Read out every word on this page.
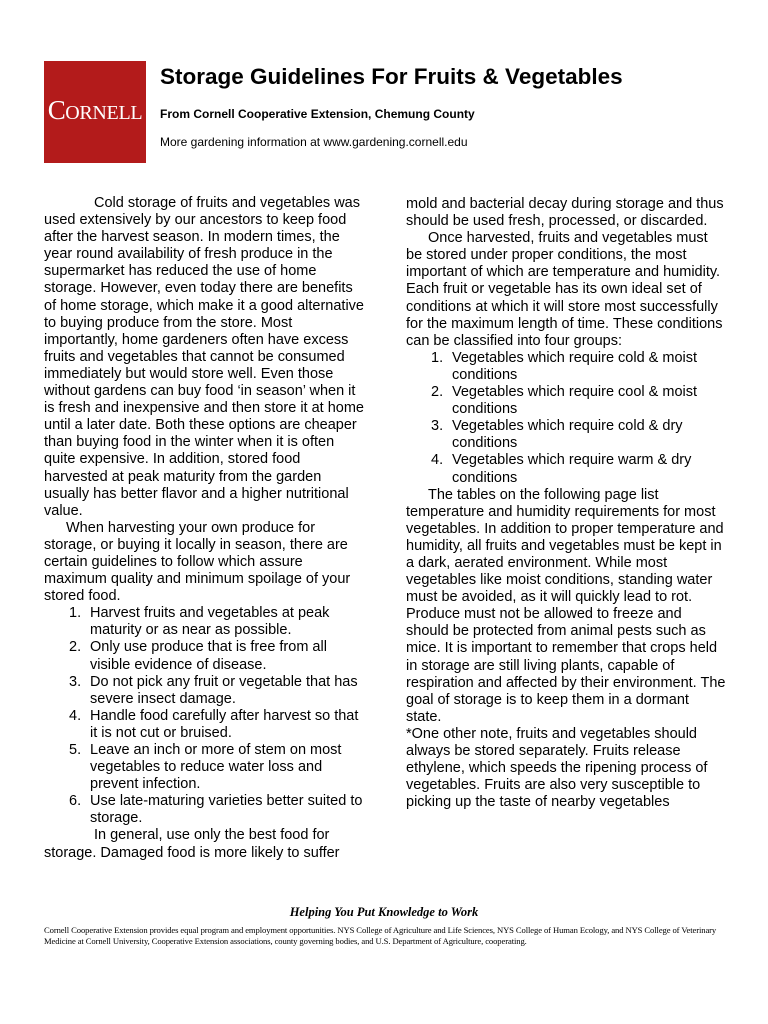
CORNELL
Storage Guidelines For Fruits & Vegetables
From Cornell Cooperative Extension, Chemung County
More gardening information at www.gardening.cornell.edu

Cold storage of fruits and vegetables was used extensively by our ancestors to keep food after the harvest season. In modern times, the year round availability of fresh produce in the supermarket has reduced the use of home storage. However, even today there are benefits of home storage, which make it a good alternative to buying produce from the store. Most importantly, home gardeners often have excess fruits and vegetables that cannot be consumed immediately but would store well. Even those without gardens can buy food ‘in season’ when it is fresh and inexpensive and then store it at home until a later date. Both these options are cheaper than buying food in the winter when it is often quite expensive. In addition, stored food harvested at peak maturity from the garden usually has better flavor and a higher nutritional value.

When harvesting your own produce for storage, or buying it locally in season, there are certain guidelines to follow which assure maximum quality and minimum spoilage of your stored food.

1. Harvest fruits and vegetables at peak maturity or as near as possible.
2. Only use produce that is free from all visible evidence of disease.
3. Do not pick any fruit or vegetable that has severe insect damage.
4. Handle food carefully after harvest so that it is not cut or bruised.
5. Leave an inch or more of stem on most vegetables to reduce water loss and prevent infection.
6. Use late-maturing varieties better suited to storage.

In general, use only the best food for storage. Damaged food is more likely to suffer

mold and bacterial decay during storage and thus should be used fresh, processed, or discarded.

Once harvested, fruits and vegetables must be stored under proper conditions, the most important of which are temperature and humidity. Each fruit or vegetable has its own ideal set of conditions at which it will store most successfully for the maximum length of time. These conditions can be classified into four groups:

1. Vegetables which require cold & moist conditions
2. Vegetables which require cool & moist conditions
3. Vegetables which require cold & dry conditions
4. Vegetables which require warm & dry conditions

The tables on the following page list temperature and humidity requirements for most vegetables. In addition to proper temperature and humidity, all fruits and vegetables must be kept in a dark, aerated environment. While most vegetables like moist conditions, standing water must be avoided, as it will quickly lead to rot. Produce must not be allowed to freeze and should be protected from animal pests such as mice. It is important to remember that crops held in storage are still living plants, capable of respiration and affected by their environment. The goal of storage is to keep them in a dormant state.

*One other note, fruits and vegetables should always be stored separately. Fruits release ethylene, which speeds the ripening process of vegetables. Fruits are also very susceptible to picking up the taste of nearby vegetables

Helping You Put Knowledge to Work
Cornell Cooperative Extension provides equal program and employment opportunities. NYS College of Agriculture and Life Sciences, NYS College of Human Ecology, and NYS College of Veterinary Medicine at Cornell University, Cooperative Extension associations, county governing bodies, and U.S. Department of Agriculture, cooperating.
